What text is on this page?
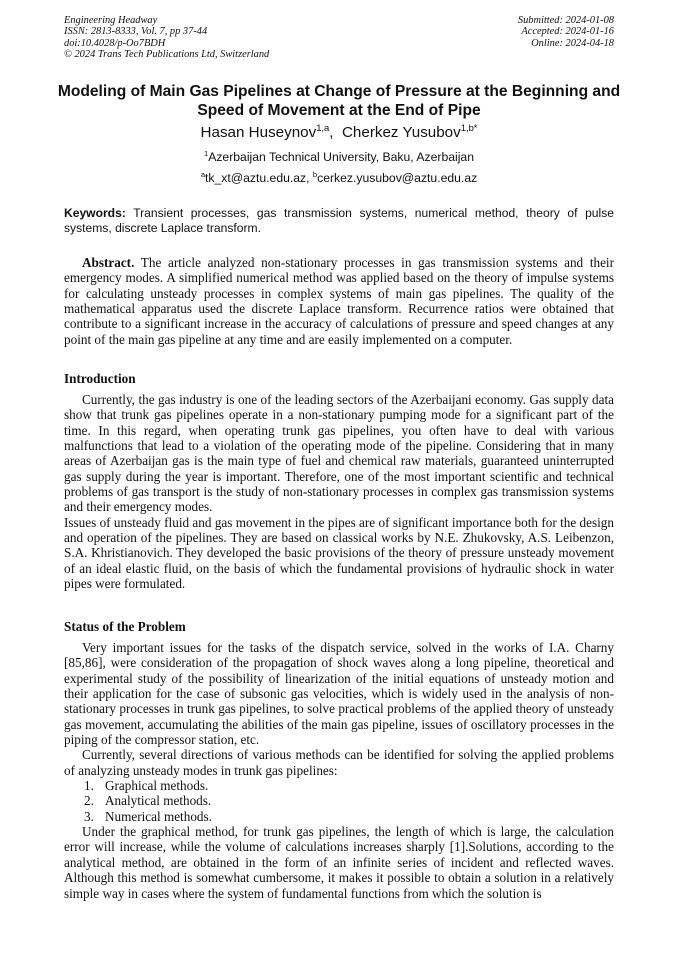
Engineering Headway
ISSN: 2813-8333, Vol. 7, pp 37-44
doi:10.4028/p-Oo7BDH
© 2024 Trans Tech Publications Ltd, Switzerland
Submitted: 2024-01-08
Accepted: 2024-01-16
Online: 2024-04-18
Modeling of Main Gas Pipelines at Change of Pressure at the Beginning and Speed of Movement at the End of Pipe
Hasan Huseynov$^{1,a}$,  Cherkez Yusubov$^{1,b*}$
$^1$Azerbaijan Technical University, Baku, Azerbaijan
$^a$tk_xt@aztu.edu.az, $^b$cerkez.yusubov@aztu.edu.az
Keywords: Transient processes, gas transmission systems, numerical method, theory of pulse systems, discrete Laplace transform.

Abstract. The article analyzed non-stationary processes in gas transmission systems and their emergency modes. A simplified numerical method was applied based on the theory of impulse systems for calculating unsteady processes in complex systems of main gas pipelines. The quality of the mathematical apparatus used the discrete Laplace transform. Recurrence ratios were obtained that contribute to a significant increase in the accuracy of calculations of pressure and speed changes at any point of the main gas pipeline at any time and are easily implemented on a computer.

Introduction

Currently, the gas industry is one of the leading sectors of the Azerbaijani economy. Gas supply data show that trunk gas pipelines operate in a non-stationary pumping mode for a significant part of the time. In this regard, when operating trunk gas pipelines, you often have to deal with various malfunctions that lead to a violation of the operating mode of the pipeline. Considering that in many areas of Azerbaijan gas is the main type of fuel and chemical raw materials, guaranteed uninterrupted gas supply during the year is important. Therefore, one of the most important scientific and technical problems of gas transport is the study of non-stationary processes in complex gas transmission systems and their emergency modes.

Issues of unsteady fluid and gas movement in the pipes are of significant importance both for the design and operation of the pipelines. They are based on classical works by N.E. Zhukovsky, A.S. Leibenzon, S.A. Khristianovich. They developed the basic provisions of the theory of pressure unsteady movement of an ideal elastic fluid, on the basis of which the fundamental provisions of hydraulic shock in water pipes were formulated.

Status of the Problem

Very important issues for the tasks of the dispatch service, solved in the works of I.A. Charny [85,86], were consideration of the propagation of shock waves along a long pipeline, theoretical and experimental study of the possibility of linearization of the initial equations of unsteady motion and their application for the case of subsonic gas velocities, which is widely used in the analysis of non-stationary processes in trunk gas pipelines, to solve practical problems of the applied theory of unsteady gas movement, accumulating the abilities of the main gas pipeline, issues of oscillatory processes in the piping of the compressor station, etc.

Currently, several directions of various methods can be identified for solving the applied problems of analyzing unsteady modes in trunk gas pipelines:

1. Graphical methods.
2. Analytical methods.
3. Numerical methods.

Under the graphical method, for trunk gas pipelines, the length of which is large, the calculation error will increase, while the volume of calculations increases sharply [1].Solutions, according to the analytical method, are obtained in the form of an infinite series of incident and reflected waves. Although this method is somewhat cumbersome, it makes it possible to obtain a solution in a relatively simple way in cases where the system of fundamental functions from which the solution is
